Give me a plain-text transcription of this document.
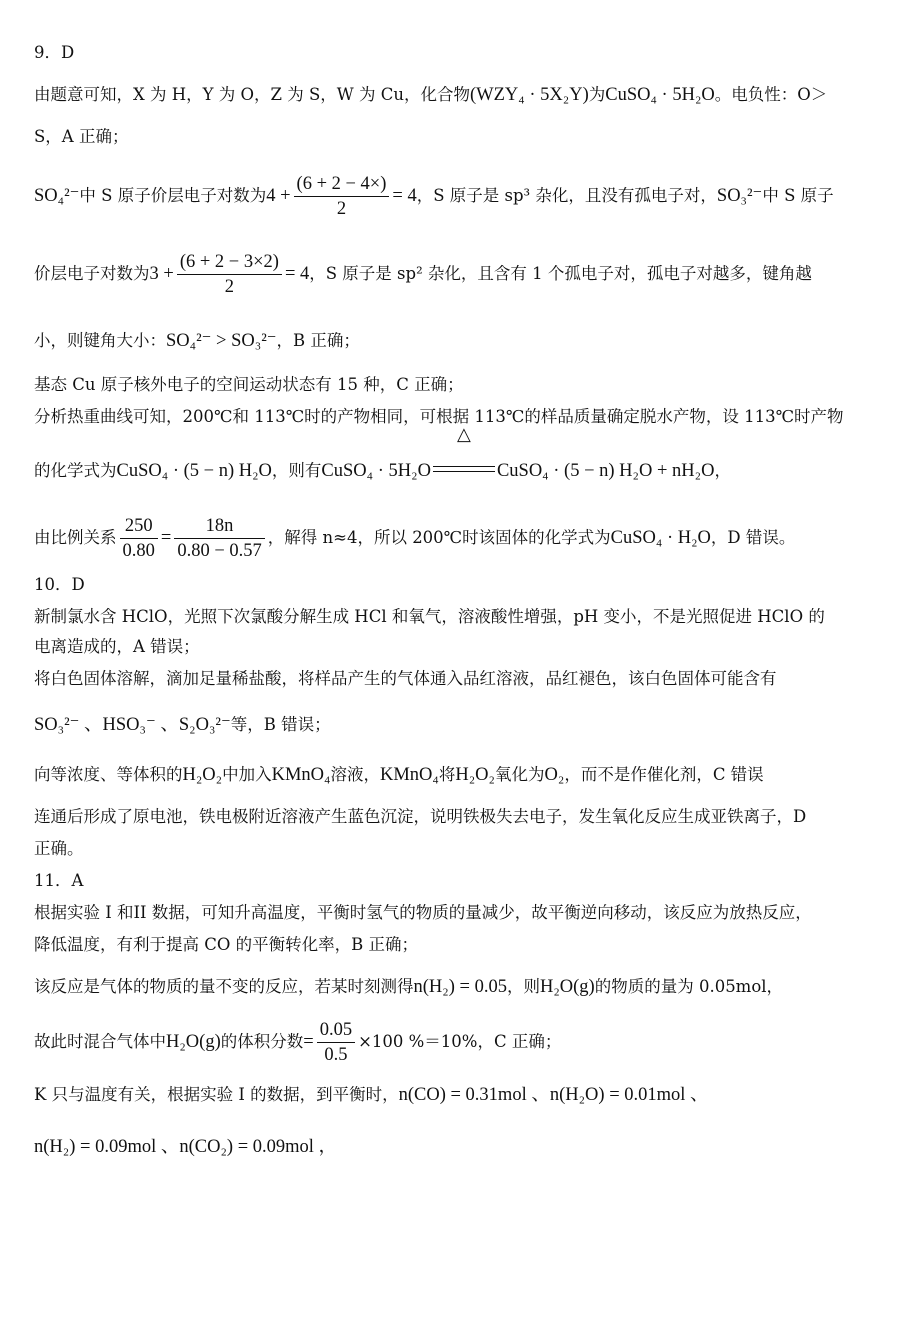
9．D
由题意可知，X 为 H，Y 为 O，Z 为 S，W 为 Cu，化合物(WZY₄ · 5X₂Y)为CuSO₄ · 5H₂O。电负性：O＞
S，A 正确；
SO₄²⁻中 S 原子价层电子对数为$4 + \frac{(6 + 2 - 4\times)}{2} = 4$，S 原子是 sp³ 杂化，且没有孤电子对，SO₃²⁻中 S 原子
价层电子对数为$3 + \frac{(6 + 2 - 3\times 2)}{2} = 4$，S 原子是 sp² 杂化，且含有 1 个孤电子对，孤电子对越多，键角越
小，则键角大小：SO₄²⁻ > SO₃²⁻，B 正确；
基态 Cu 原子核外电子的空间运动状态有 15 种，C 正确；
分析热重曲线可知，200℃和 113℃时的产物相同，可根据 113℃的样品质量确定脱水产物，设 113℃时产物
的化学式为CuSO₄ · (5 − n) H₂O，则有CuSO₄ · 5H₂O
△
CuSO₄ · (5 − n) H₂O + nH₂O，
由比例关系 $\frac{250}{0.80} = \frac{18n}{0.80 - 0.57}$ ，解得 n≈4，所以 200℃时该固体的化学式为CuSO₄ · H₂O，D 错误。
10．D
新制氯水含 HClO，光照下次氯酸分解生成 HCl 和氧气，溶液酸性增强，pH 变小，不是光照促进 HClO 的
电离造成的，A 错误；
将白色固体溶解，滴加足量稀盐酸，将样品产生的气体通入品红溶液，品红褪色，该白色固体可能含有
SO₃²⁻ 、HSO₃⁻ 、S₂O₃²⁻等，B 错误；
向等浓度、等体积的H₂O₂中加入KMnO₄溶液，KMnO₄将H₂O₂氧化为O₂，而不是作催化剂，C 错误
连通后形成了原电池，铁电极附近溶液产生蓝色沉淀，说明铁极失去电子，发生氧化反应生成亚铁离子，D
正确。
11．A
根据实验 I 和II 数据，可知升高温度，平衡时氢气的物质的量减少，故平衡逆向移动，该反应为放热反应，
降低温度，有利于提高 CO 的平衡转化率，B 正确；
该反应是气体的物质的量不变的反应，若某时刻测得n(H₂) = 0.05，则H₂O(g)的物质的量为 0.05mol，
故此时混合气体中H₂O(g)的体积分数= $\frac{0.05}{0.5} \times 100$ %＝10%，C 正确；
K 只与温度有关，根据实验 I 的数据，到平衡时，n(CO) = 0.31mol 、n(H₂O) = 0.01mol 、
n(H₂) = 0.09mol 、n(CO₂) = 0.09mol ，
